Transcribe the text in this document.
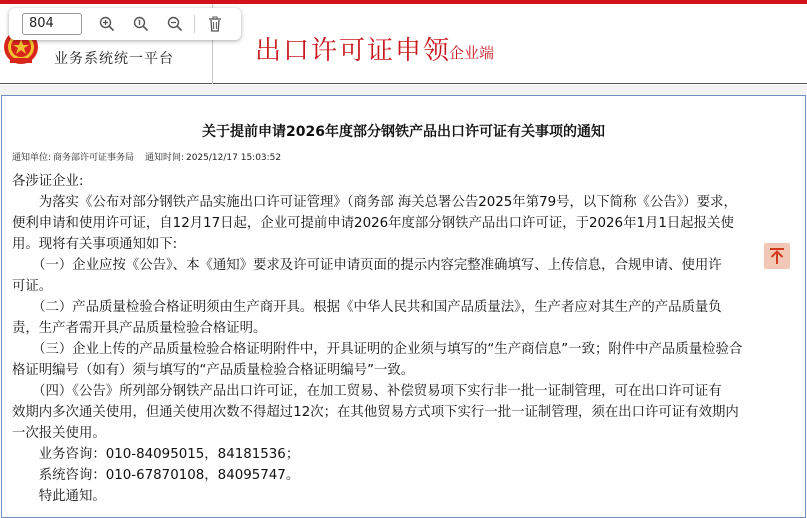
业务系统统一平台	出口许可证申领
企业端
804
关于提前申请2026年度部分钢铁产品出口许可证有关事项的通知
通知单位: 商务部许可证事务局 通知时间: 2025/12/17 15:03:52
各涉证企业:
　　为落实《公布对部分钢铁产品实施出口许可证管理》（商务部 海关总署公告2025年第79号，以下简称《公告》）要求，
便利申请和使用许可证，自12月17日起，企业可提前申请2026年度部分钢铁产品出口许可证，于2026年1月1日起报关使
用。现将有关事项通知如下:
　　（一）企业应按《公告》、本《通知》要求及许可证申请页面的提示内容完整准确填写、上传信息，合规申请、使用许
可证。
　　（二）产品质量检验合格证明须由生产商开具。根据《中华人民共和国产品质量法》，生产者应对其生产的产品质量负
责，生产者需开具产品质量检验合格证明。
　　（三）企业上传的产品质量检验合格证明附件中，开具证明的企业须与填写的“生产商信息”一致；附件中产品质量检验合
格证明编号（如有）须与填写的“产品质量检验合格证明编号”一致。
　　（四）《公告》所列部分钢铁产品出口许可证，在加工贸易、补偿贸易项下实行非一批一证制管理，可在出口许可证有
效期内多次通关使用，但通关使用次数不得超过12次；在其他贸易方式项下实行一批一证制管理，须在出口许可证有效期内
一次报关使用。
　　业务咨询：010-84095015，84181536；
　　系统咨询：010-67870108，84095747。
　　特此通知。
